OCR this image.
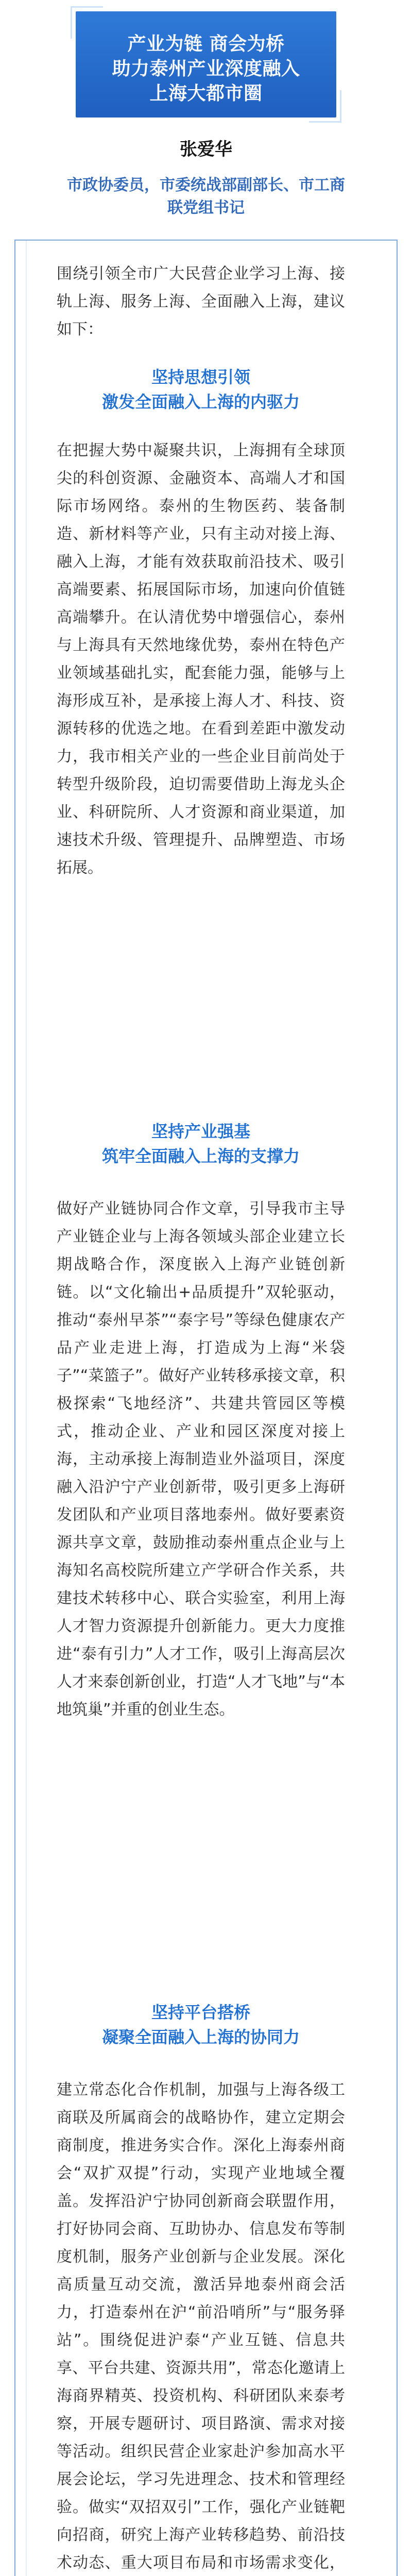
产业为链 商会为桥
助力泰州产业深度融入
上海大都市圈
张爱华
市政协委员，市委统战部副部长、市工商
联党组书记
围绕引领全市广大民营企业学习上海、接轨上海、服务上海、全面融入上海，建议如下：
坚持思想引领
激发全面融入上海的内驱力
在把握大势中凝聚共识，上海拥有全球顶尖的科创资源、金融资本、高端人才和国际市场网络。泰州的生物医药、装备制造、新材料等产业，只有主动对接上海、融入上海，才能有效获取前沿技术、吸引高端要素、拓展国际市场，加速向价值链高端攀升。在认清优势中增强信心，泰州与上海具有天然地缘优势，泰州在特色产业领域基础扎实，配套能力强，能够与上海形成互补，是承接上海人才、科技、资源转移的优选之地。在看到差距中激发动力，我市相关产业的一些企业目前尚处于转型升级阶段，迫切需要借助上海龙头企业、科研院所、人才资源和商业渠道，加速技术升级、管理提升、品牌塑造、市场拓展。
坚持产业强基
筑牢全面融入上海的支撑力
做好产业链协同合作文章，引导我市主导产业链企业与上海各领域头部企业建立长期战略合作，深度嵌入上海产业链创新链。以“文化输出+品质提升”双轮驱动，推动“泰州早茶”“泰字号”等绿色健康农产品产业走进上海，打造成为上海“米袋子”“菜篮子”。做好产业转移承接文章，积极探索“飞地经济”、共建共管园区等模式，推动企业、产业和园区深度对接上海，主动承接上海制造业外溢项目，深度融入沿沪宁产业创新带，吸引更多上海研发团队和产业项目落地泰州。做好要素资源共享文章，鼓励推动泰州重点企业与上海知名高校院所建立产学研合作关系，共建技术转移中心、联合实验室，利用上海人才智力资源提升创新能力。更大力度推进“泰有引力”人才工作，吸引上海高层次人才来泰创新创业，打造“人才飞地”与“本地筑巢”并重的创业生态。
坚持平台搭桥
凝聚全面融入上海的协同力
建立常态化合作机制，加强与上海各级工商联及所属商会的战略协作，建立定期会商制度，推进务实合作。深化上海泰州商会“双扩双提”行动，实现产业地域全覆盖。发挥沿沪宁协同创新商会联盟作用，打好协同会商、互助协办、信息发布等制度机制，服务产业创新与企业发展。深化高质量互动交流，激活异地泰州商会活力，打造泰州在沪“前沿哨所”与“服务驿站”。围绕促进沪泰“产业互链、信息共享、平台共建、资源共用”，常态化邀请上海商界精英、投资机构、科研团队来泰考察，开展专题研讨、项目路演、需求对接等活动。组织民营企业家赴沪参加高水平展会论坛，学习先进理念、技术和管理经验。做实“双招双引”工作，强化产业链靶向招商，研究上海产业转移趋势、前沿技术动态、重大项目布局和市场需求变化，
